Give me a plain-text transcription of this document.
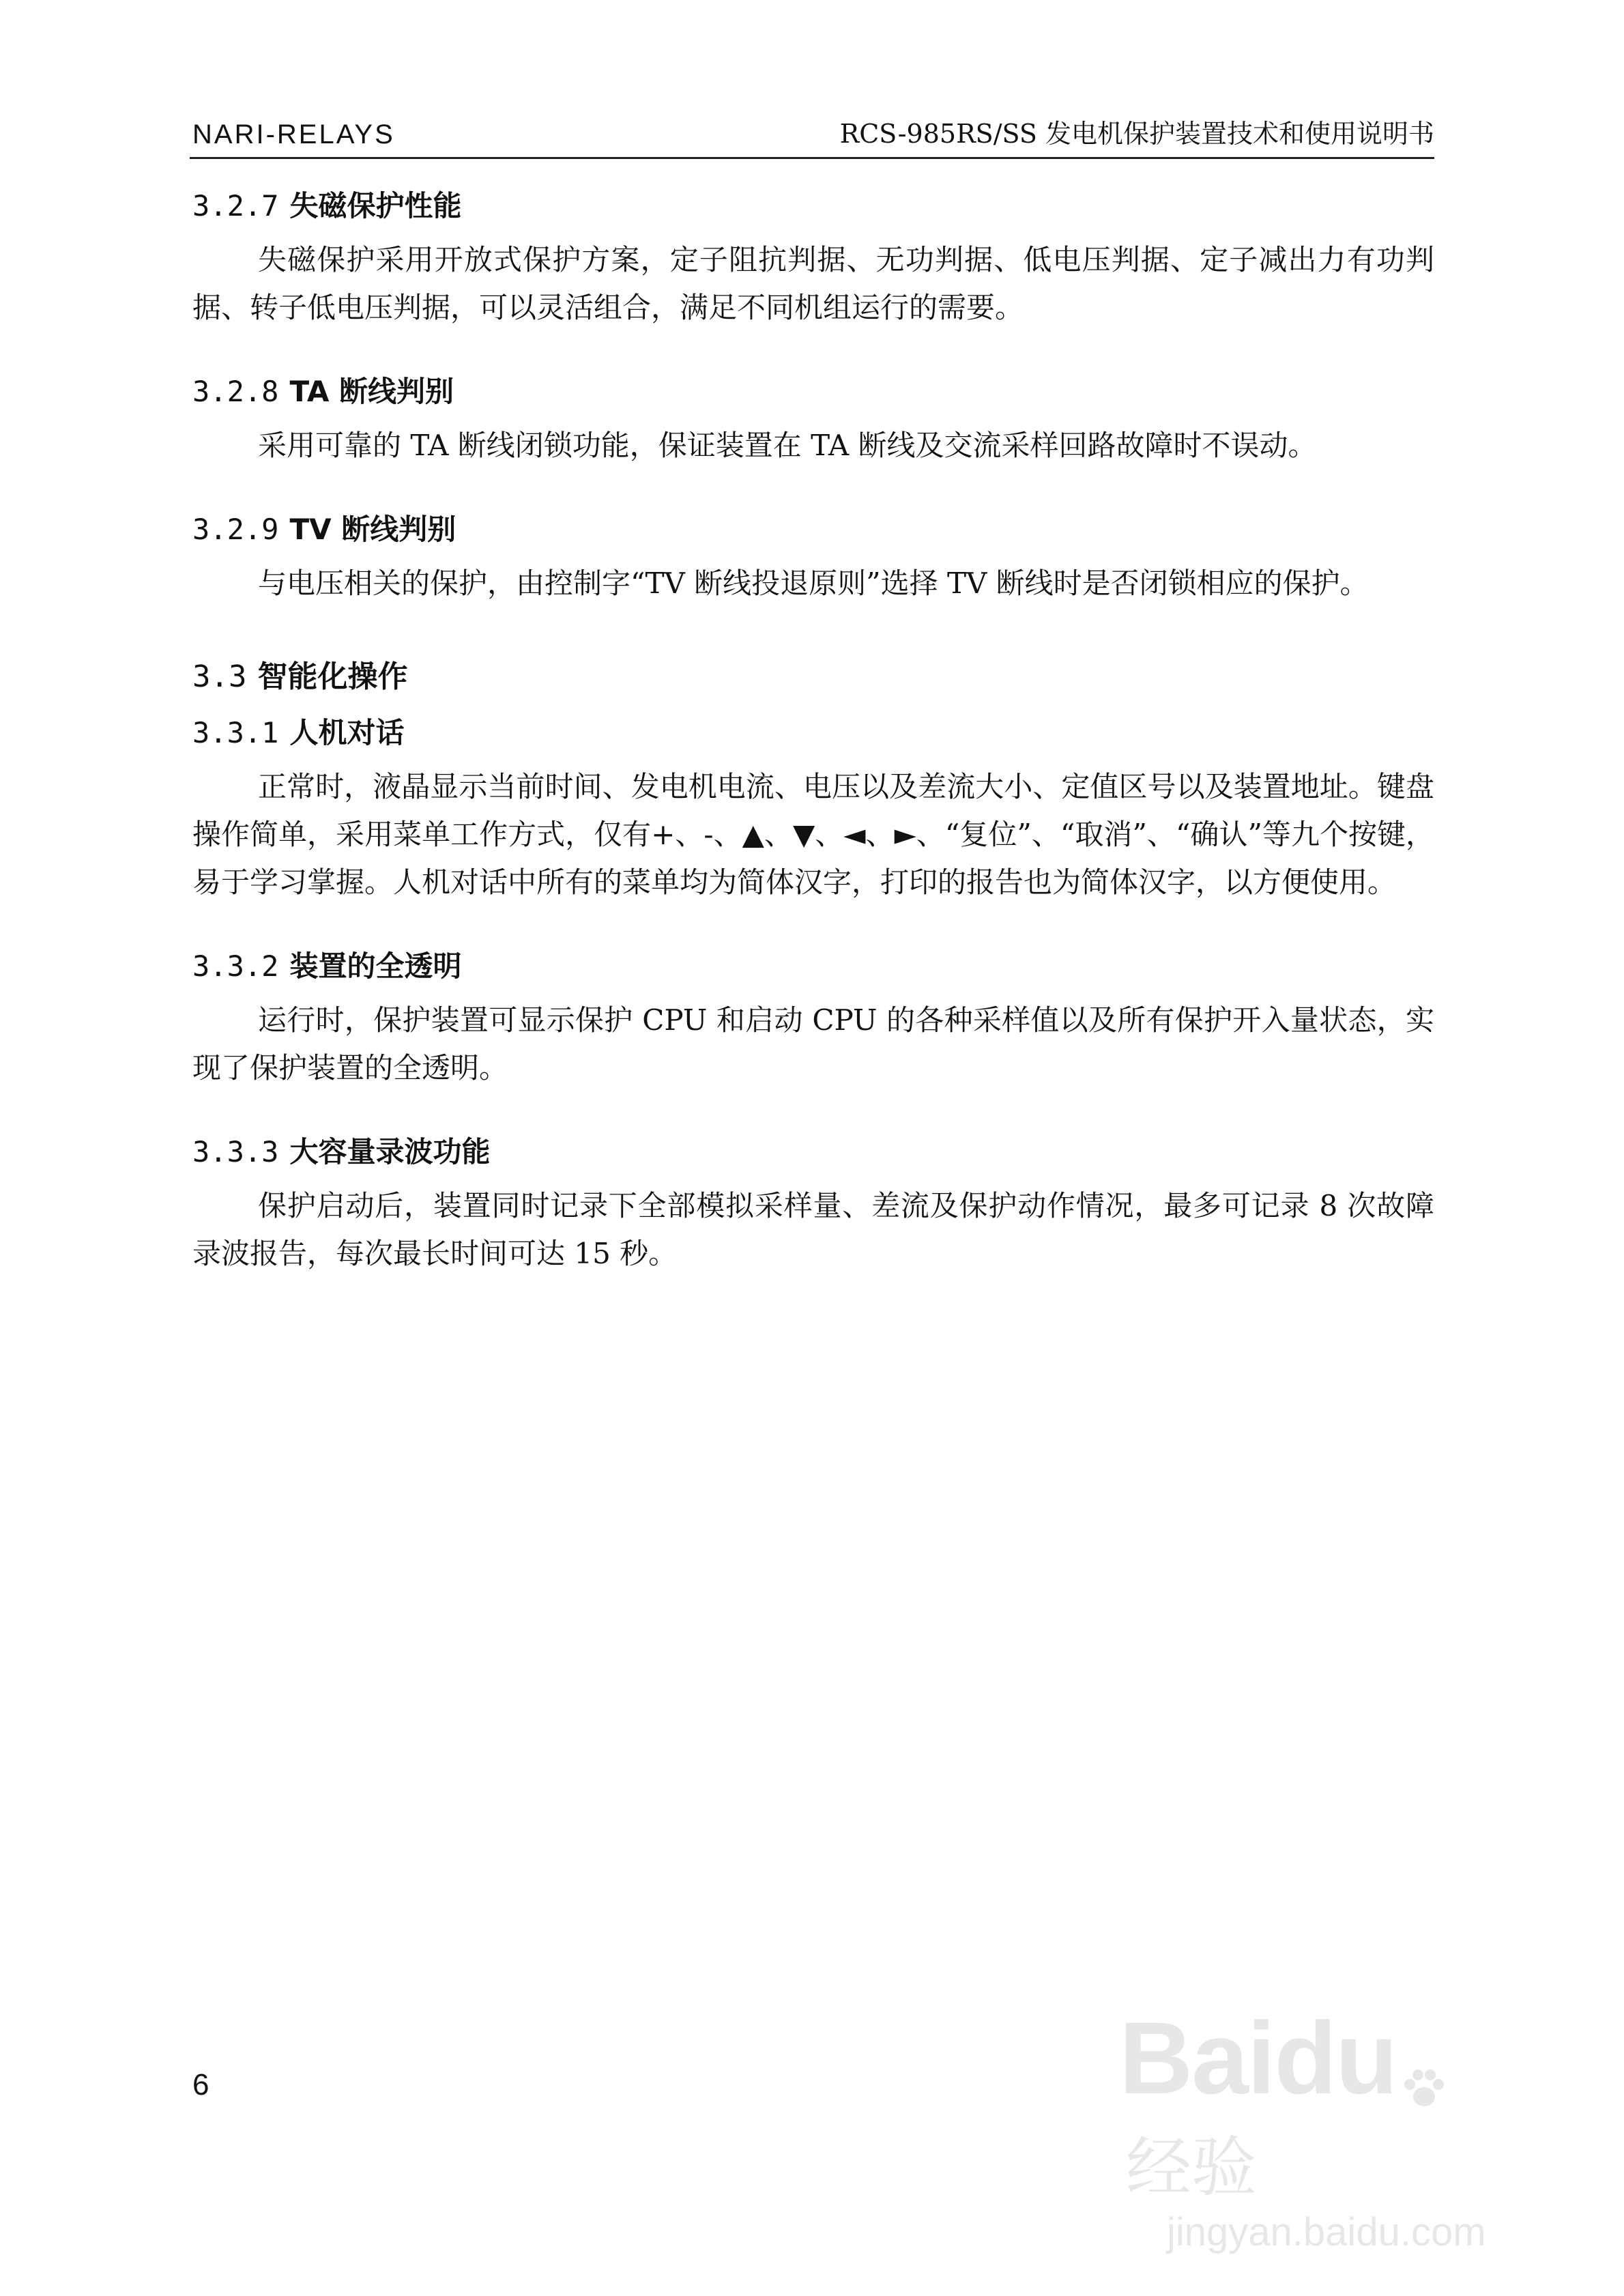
NARI-RELAYS	RCS-985RS/SS 发电机保护装置技术和使用说明书
3.2.7 失磁保护性能
失磁保护采用开放式保护方案，定子阻抗判据、无功判据、低电压判据、定子减出力有功判据、转子低电压判据，可以灵活组合，满足不同机组运行的需要。
3.2.8 TA 断线判别
采用可靠的 TA 断线闭锁功能，保证装置在 TA 断线及交流采样回路故障时不误动。
3.2.9 TV 断线判别
与电压相关的保护，由控制字“TV 断线投退原则”选择 TV 断线时是否闭锁相应的保护。
3.3 智能化操作
3.3.1 人机对话
正常时，液晶显示当前时间、发电机电流、电压以及差流大小、定值区号以及装置地址。键盘操作简单，采用菜单工作方式，仅有+、-、▲、▼、◄、►、“复位”、“取消”、“确认”等九个按键，易于学习掌握。人机对话中所有的菜单均为简体汉字，打印的报告也为简体汉字，以方便使用。
3.3.2 装置的全透明
运行时，保护装置可显示保护 CPU 和启动 CPU 的各种采样值以及所有保护开入量状态，实现了保护装置的全透明。
3.3.3 大容量录波功能
保护启动后，装置同时记录下全部模拟采样量、差流及保护动作情况，最多可记录 8 次故障录波报告，每次最长时间可达 15 秒。
6	Baidu  经验
jingyan.baidu.com
